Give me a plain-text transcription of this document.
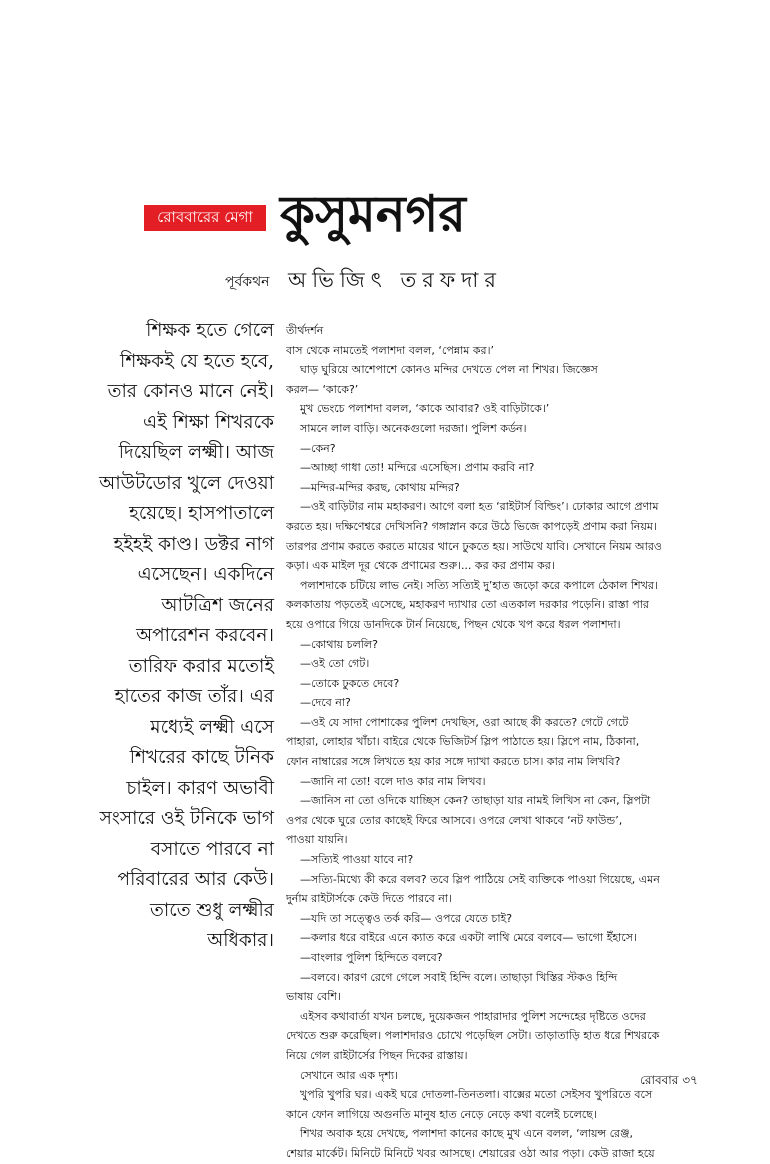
রোববারের মেগা কুসুমনগর
পূর্বকথন অভিজিৎ তরফদার
শিক্ষক হতে গেলে
শিক্ষকই যে হতে হবে,
তার কোনও মানে নেই।
এই শিক্ষা শিখরকে
দিয়েছিল লক্ষ্মী। আজ
আউটডোর খুলে দেওয়া
হয়েছে। হাসপাতালে
হইহই কাণ্ড। ডক্টর নাগ
এসেছেন। একদিনে
আটত্রিশ জনের
অপারেশন করবেন।
তারিফ করার মতোই
হাতের কাজ তাঁর। এর
মধ্যেই লক্ষ্মী এসে
শিখরের কাছে টনিক
চাইল। কারণ অভাবী
সংসারে ওই টনিকে ভাগ
বসাতে পারবে না
পরিবারের আর কেউ।
তাতে শুধু লক্ষ্মীর
অধিকার।
তীর্থদর্শন
বাস থেকে নামতেই পলাশদা বলল, ‘পেন্নাম কর।’
ঘাড় ঘুরিয়ে আশেপাশে কোনও মন্দির দেখতে পেল না শিখর। জিজ্ঞেস
করল— ‘কাকে?’
মুখ ভেংচে পলাশদা বলল, ‘কাকে আবার? ওই বাড়িটাকে।’
সামনে লাল বাড়ি। অনেকগুলো দরজা। পুলিশ কর্ডন।
—কেন?
—আচ্ছা গাধা তো! মন্দিরে এসেছিস। প্রণাম করবি না?
—মন্দির-মন্দির করছ, কোথায় মন্দির?
—ওই বাড়িটার নাম মহাকরণ। আগে বলা হত ‘রাইটার্স বিল্ডিং’। ঢোকার আগে প্রণাম
করতে হয়। দক্ষিণেশ্বরে দেখিসনি? গঙ্গাস্নান করে উঠে ভিজে কাপড়েই প্রণাম করা নিয়ম।
তারপর প্রণাম করতে করতে মায়ের থানে ঢুকতে হয়। সাউথে যাবি। সেখানে নিয়ম আরও
কড়া। এক মাইল দূর থেকে প্রণামের শুরু।... কর কর প্রণাম কর।
পলাশদাকে চটিয়ে লাভ নেই। সত্যি সত্যিই দু’হাত জড়ো করে কপালে ঠেকাল শিখর।
কলকাতায় পড়তেই এসেছে, মহাকরণ দ্যাখার তো এতকাল দরকার পড়েনি। রাস্তা পার
হয়ে ওপারে গিয়ে ডানদিকে টার্ন নিয়েছে, পিছন থেকে খপ করে ধরল পলাশদা।
—কোথায় চললি?
—ওই তো গেট।
—তোকে ঢুকতে দেবে?
—দেবে না?
—ওই যে সাদা পোশাকের পুলিশ দেখছিস, ওরা আছে কী করতে? গেটে গেটে
পাহারা, লোহার খাঁচা। বাইরে থেকে ভিজিটর্স স্লিপ পাঠাতে হয়। স্লিপে নাম, ঠিকানা,
ফোন নাম্বারের সঙ্গে লিখতে হয় কার সঙ্গে দ্যাখা করতে চাস। কার নাম লিখবি?
—জানি না তো! বলে দাও কার নাম লিখব।
—জানিস না তো ওদিকে যাচ্ছিস কেন? তাছাড়া যার নামই লিখিস না কেন, স্লিপটা
ওপর থেকে ঘুরে তোর কাছেই ফিরে আসবে। ওপরে লেখা থাকবে ‘নট ফাউন্ড’,
পাওয়া যায়নি।
—সত্যিই পাওয়া যাবে না?
—সত্যি-মিথ্যে কী করে বলব? তবে স্লিপ পাঠিয়ে সেই ব্যক্তিকে পাওয়া গিয়েছে, এমন
দুর্নাম রাইটার্সকে কেউ দিতে পারবে না।
—যদি তা সত্ত্বেও তর্ক করি— ওপরে যেতে চাই?
—কলার ধরে বাইরে এনে ক্যাত করে একটা লাথি মেরে বলবে— ভাগো ইঁহাসে।
—বাংলার পুলিশ হিন্দিতে বলবে?
—বলবে। কারণ রেগে গেলে সবাই হিন্দি বলে। তাছাড়া খিস্তির স্টকও হিন্দি
ভাষায় বেশি।
এইসব কথাবার্তা যখন চলছে, দুয়েকজন পাহারাদার পুলিশ সন্দেহের দৃষ্টিতে ওদের
দেখতে শুরু করেছিল। পলাশদারও চোখে পড়েছিল সেটা। তাড়াতাড়ি হাত ধরে শিখরকে
নিয়ে গেল রাইটার্সের পিছন দিকের রাস্তায়।
সেখানে আর এক দৃশ্য।
খুপরি খুপরি ঘর। একই ঘরে দোতলা-তিনতলা। বাক্সের মতো সেইসব খুপরিতে বসে
কানে ফোন লাগিয়ে অগুনতি মানুষ হাত নেড়ে নেড়ে কথা বলেই চলেছে।
শিখর অবাক হয়ে দেখছে, পলাশদা কানের কাছে মুখ এনে বলল, ‘লায়ন্স রেঞ্জ,
শেয়ার মার্কেট। মিনিটে মিনিটে খবর আসছে। শেয়ারের ওঠা আর পড়া। কেউ রাজা হয়ে
রোববার ৩৭
